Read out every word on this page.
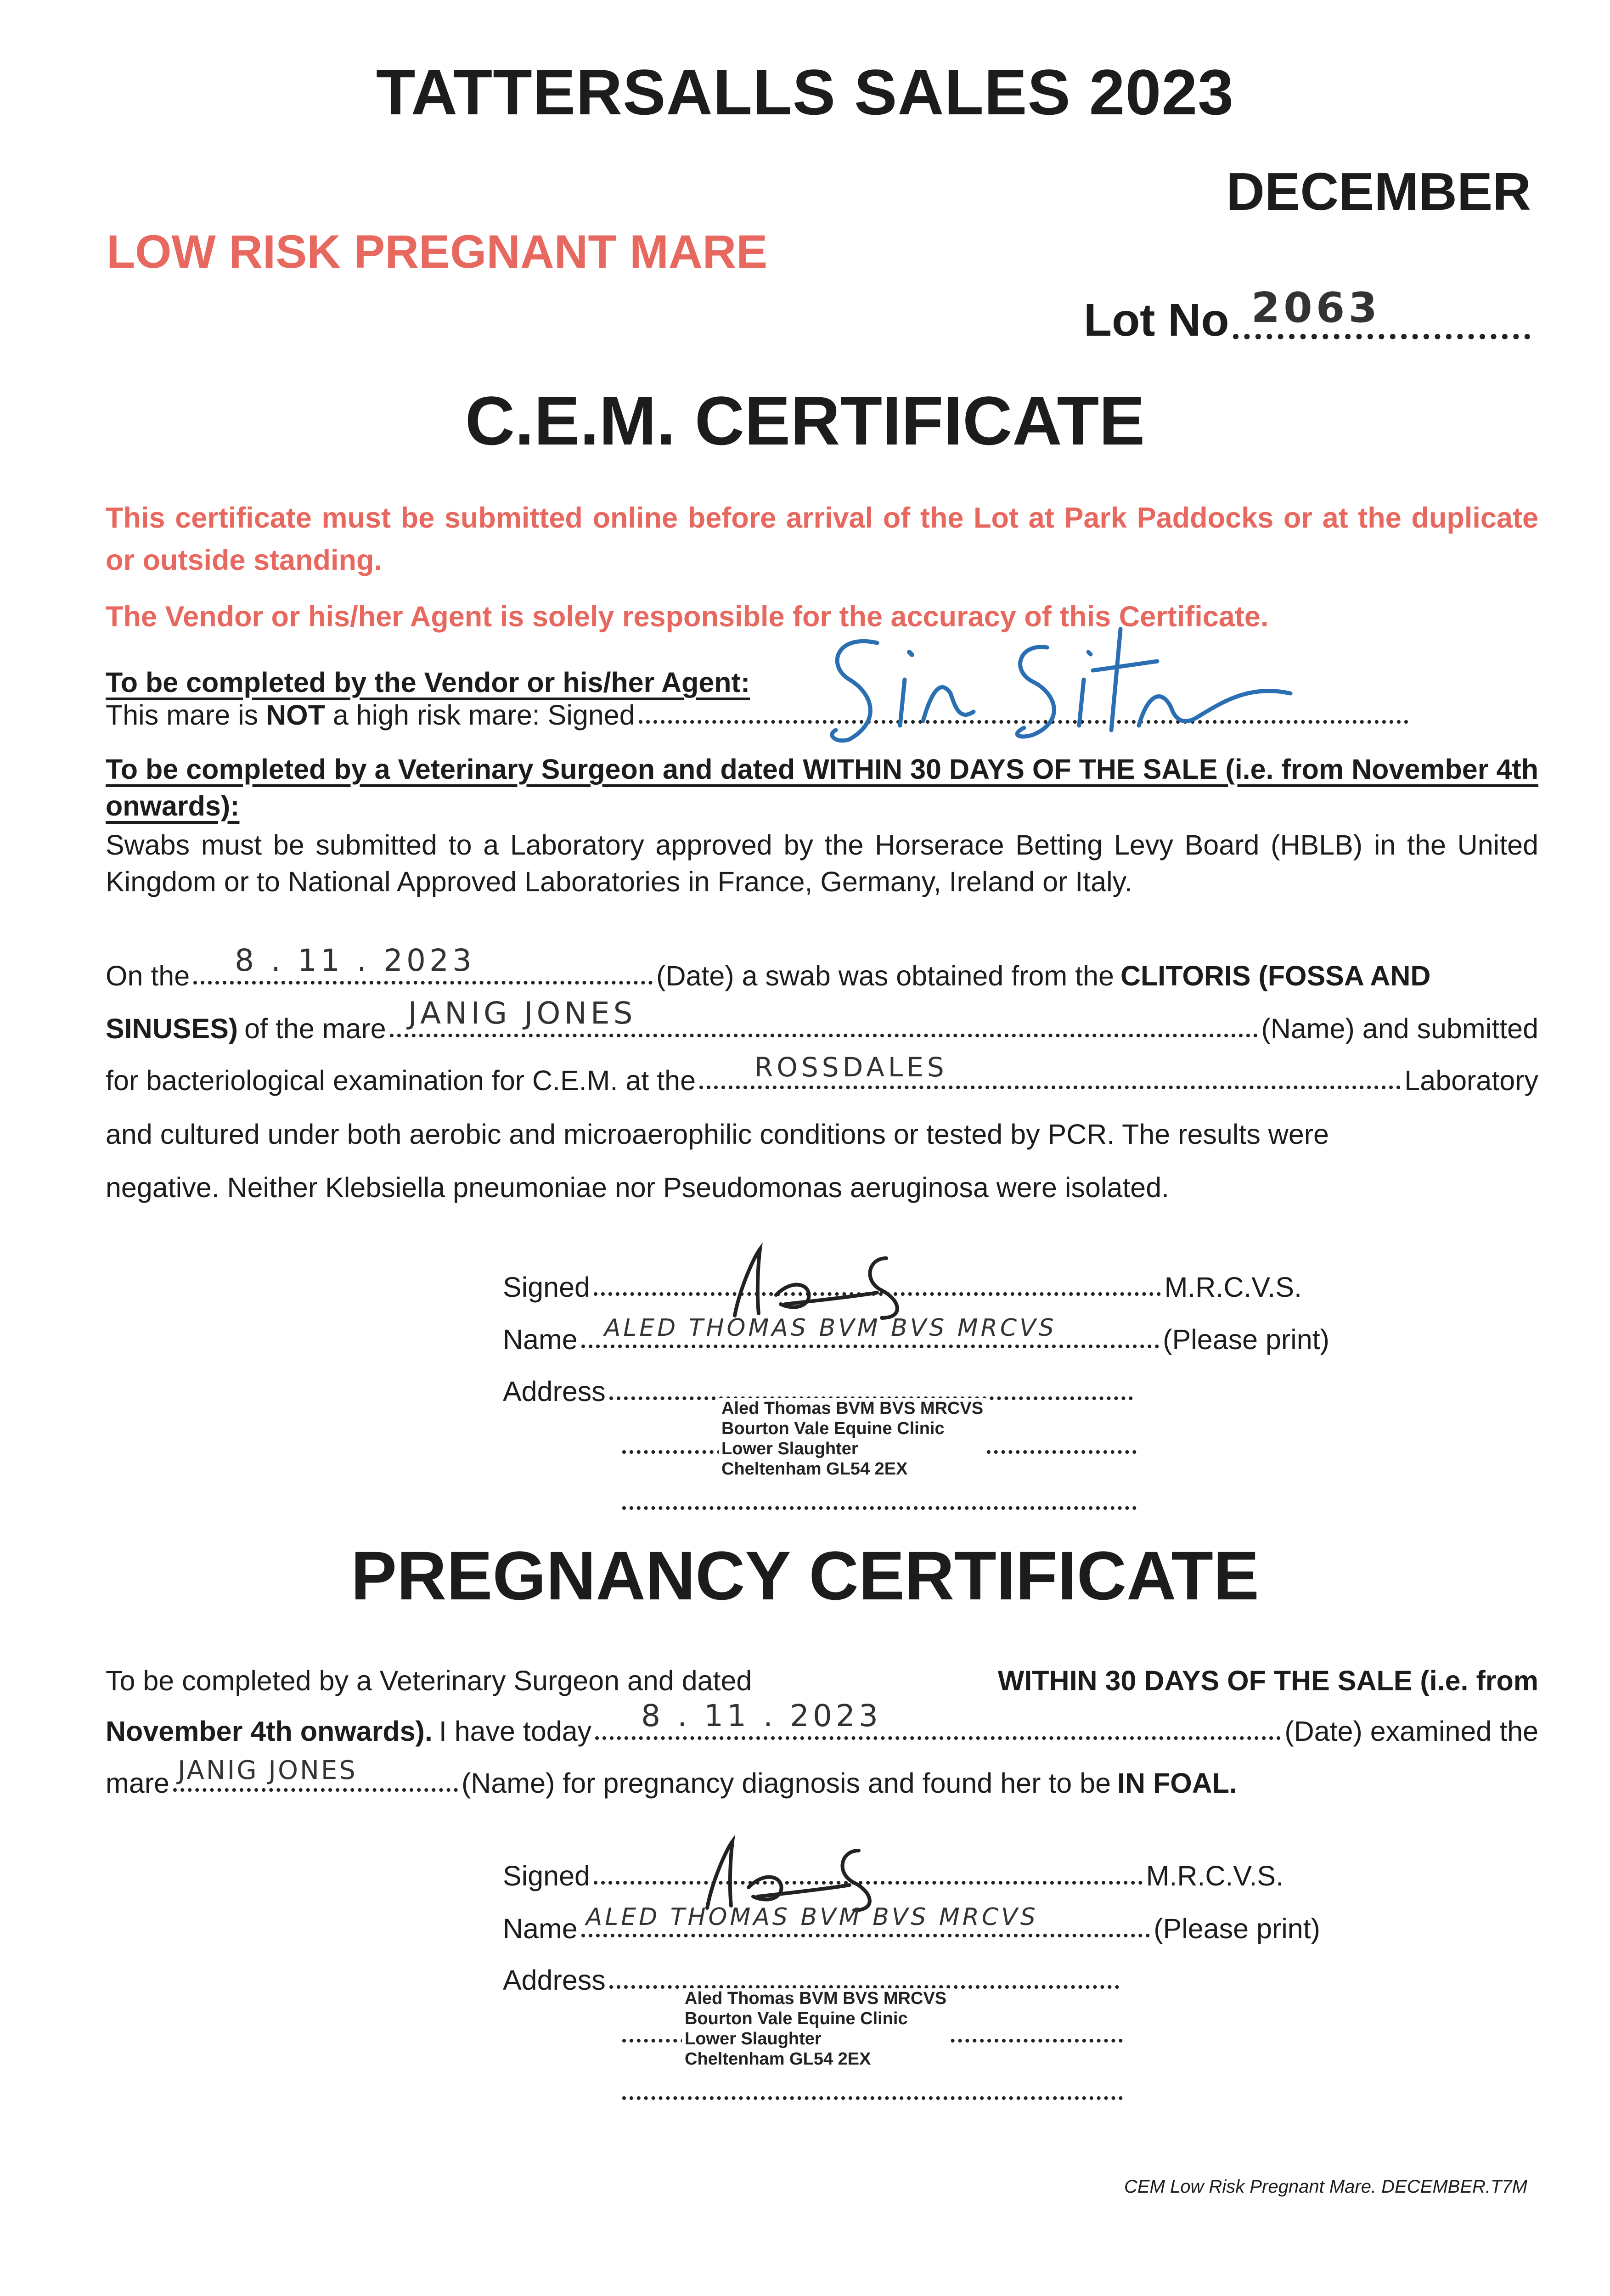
TATTERSALLS SALES 2023
DECEMBER
LOW RISK PREGNANT MARE
Lot No 2063
C.E.M. CERTIFICATE
This certificate must be submitted online before arrival of the Lot at Park Paddocks or at the duplicate or outside standing.
The Vendor or his/her Agent is solely responsible for the accuracy of this Certificate.
To be completed by the Vendor or his/her Agent:
This mare is NOT a high risk mare: Signed
To be completed by a Veterinary Surgeon and dated WITHIN 30 DAYS OF THE SALE (i.e. from November 4th onwards):
Swabs must be submitted to a Laboratory approved by the Horserace Betting Levy Board (HBLB) in the United Kingdom or to National Approved Laboratories in France, Germany, Ireland or Italy.
On the 8 . 11 . 2023	(Date) a swab was obtained from the CLITORIS (FOSSA AND
SINUSES) of the mare JANIG JONES	(Name) and submitted
for bacteriological examination for C.E.M. at the ROSSDALES	Laboratory
and cultured under both aerobic and microaerophilic conditions or tested by PCR. The results were
negative. Neither Klebsiella pneumoniae nor Pseudomonas aeruginosa were isolated.
Signed	M.R.C.V.S.
Name ALED THOMAS BVM BVS MRCVS	(Please print)
Address
Aled Thomas BVM BVS MRCVS
Bourton Vale Equine Clinic
Lower Slaughter
Cheltenham GL54 2EX
PREGNANCY CERTIFICATE
To be completed by a Veterinary Surgeon and dated	WITHIN 30 DAYS OF THE SALE (i.e. from
November 4th onwards). I have today 8 . 11 . 2023	(Date) examined the
mare JANIG JONES	(Name) for pregnancy diagnosis and found her to be IN FOAL.
Signed	M.R.C.V.S.
Name ALED THOMAS BVM BVS MRCVS	(Please print)
Address
Aled Thomas BVM BVS MRCVS
Bourton Vale Equine Clinic
Lower Slaughter
Cheltenham GL54 2EX
CEM Low Risk Pregnant Mare. DECEMBER.T7M
